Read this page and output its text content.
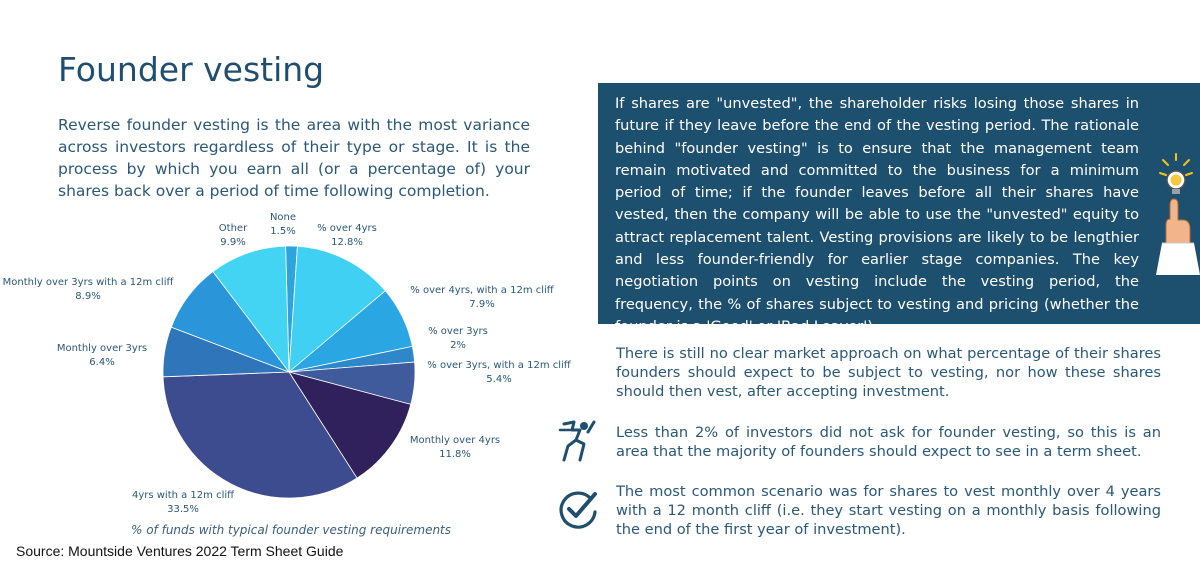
Founder vesting
Reverse founder vesting is the area with the most variance across investors regardless of their type or stage. It is the process by which you earn all (or a percentage of) your shares back over a period of time following completion.
None
1.5% % over 4yrs
12.8%
% over 4yrs, with a 12m cliff
7.9%
% over 3yrs
2%
% over 3yrs, with a 12m cliff
5.4%
Monthly over 4yrs
11.8%
4yrs with a 12m cliff
33.5%
Monthly over 3yrs
6.4%
Monthly over 3yrs with a 12m cliff
8.9%
Other
9.9%
% of funds with typical founder vesting requirements
Source: Mountside Ventures 2022 Term Sheet Guide
If shares are "unvested", the shareholder risks losing those shares in future if they leave before the end of the vesting period. The rationale behind "founder vesting" is to ensure that the management team remain motivated and committed to the business for a minimum period of time; if the founder leaves before all their shares have vested, then the company will be able to use the "unvested" equity to attract replacement talent. Vesting provisions are likely to be lengthier and less founder-friendly for earlier stage companies. The key negotiation points on vesting include the vesting period, the frequency, the % of shares subject to vesting and pricing (whether the founder is a 'Good' or 'Bad Leaver').
There is still no clear market approach on what percentage of their shares founders should expect to be subject to vesting, nor how these shares should then vest, after accepting investment.
Less than 2% of investors did not ask for founder vesting, so this is an area that the majority of founders should expect to see in a term sheet.
The most common scenario was for shares to vest monthly over 4 years with a 12 month cliff (i.e. they start vesting on a monthly basis following the end of the first year of investment).
